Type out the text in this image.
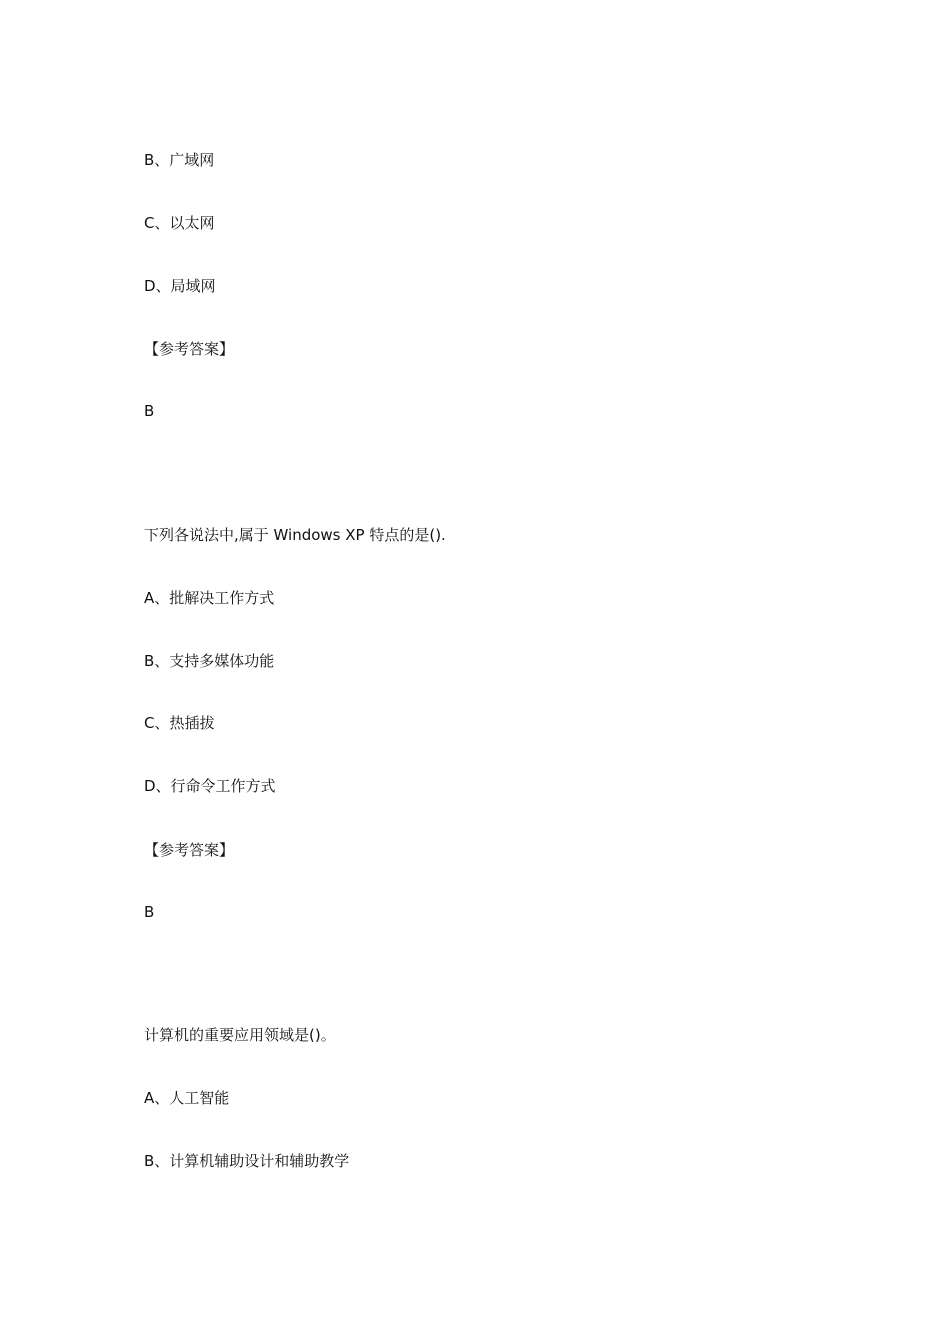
B、广域网
C、以太网
D、局域网
【参考答案】
B
下列各说法中,属于 Windows XP 特点的是().
A、批解决工作方式
B、支持多媒体功能
C、热插拔
D、行命令工作方式
【参考答案】
B
计算机的重要应用领域是()。
A、人工智能
B、计算机辅助设计和辅助教学
